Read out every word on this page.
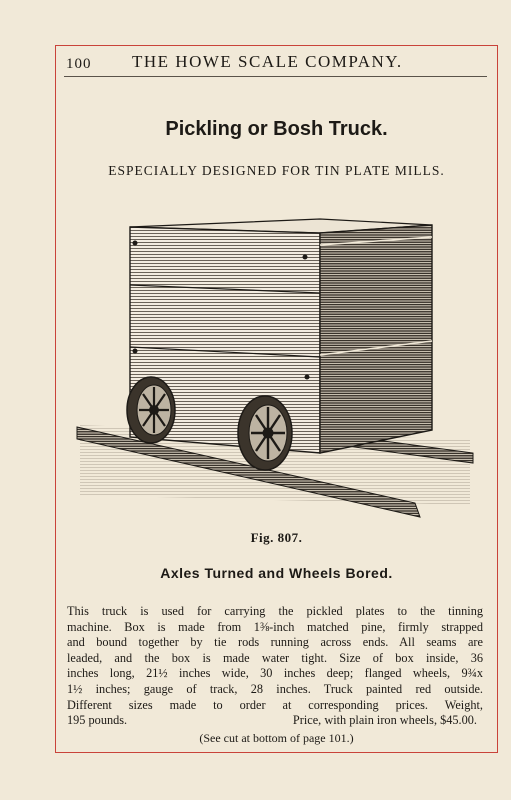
100 THE HOWE SCALE COMPANY.
Pickling or Bosh Truck.
ESPECIALLY DESIGNED FOR TIN PLATE MILLS.
Fig. 807.
Axles Turned and Wheels Bored.
This truck is used for carrying the pickled plates to the tinning
machine. Box is made from 1⅜-inch matched pine, firmly strapped
and bound together by tie rods running across ends. All seams are
leaded, and the box is made water tight. Size of box inside, 36
inches long, 21½ inches wide, 30 inches deep; flanged wheels, 9¾x
1½ inches; gauge of track, 28 inches. Truck painted red outside.
Different sizes made to order at corresponding prices. Weight,
195 pounds.	Price, with plain iron wheels, $45.00.
(See cut at bottom of page 101.)
